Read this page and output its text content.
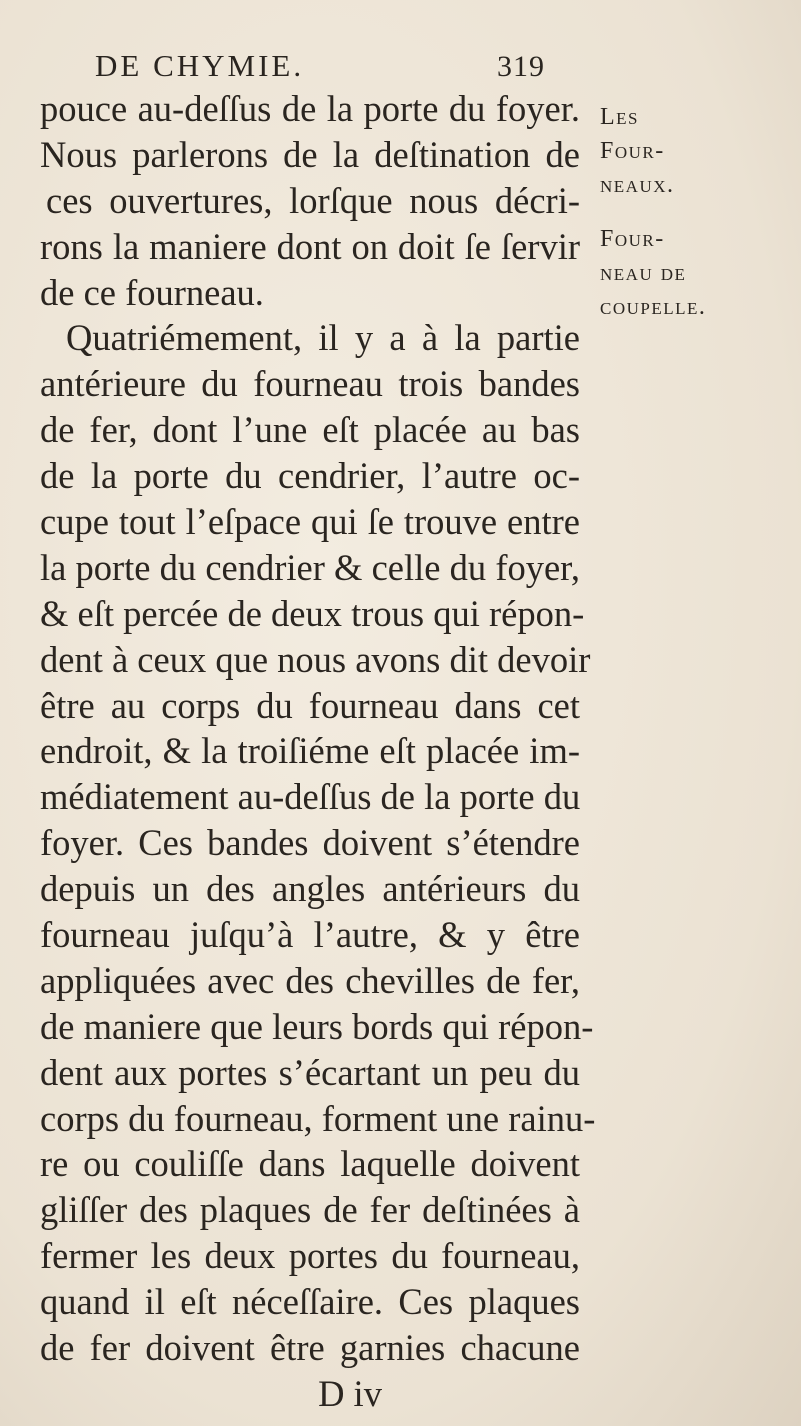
DE CHYMIE.	319
pouce au-deſſus de la porte du foyer.
Nous parlerons de la deſtination de
ces ouvertures, lorſque nous décri-
rons la maniere dont on doit ſe ſervir
de ce fourneau.
Quatriémement, il y a à la partie
antérieure du fourneau trois bandes
de fer, dont l’une eſt placée au bas
de la porte du cendrier, l’autre oc-
cupe tout l’eſpace qui ſe trouve entre
la porte du cendrier & celle du foyer,
& eſt percée de deux trous qui répon-
dent à ceux que nous avons dit devoir
être au corps du fourneau dans cet
endroit, & la troiſiéme eſt placée im-
médiatement au-deſſus de la porte du
foyer. Ces bandes doivent s’étendre
depuis un des angles antérieurs du
fourneau juſqu’à l’autre, & y être
appliquées avec des chevilles de fer,
de maniere que leurs bords qui répon-
dent aux portes s’écartant un peu du
corps du fourneau, forment une rainu-
re ou couliſſe dans laquelle doivent
gliſſer des plaques de fer deſtinées à
fermer les deux portes du fourneau,
quand il eſt néceſſaire. Ces plaques
de fer doivent être garnies chacune
D iv
Les
Four-
neaux.
Four-
neau de
coupelle.
